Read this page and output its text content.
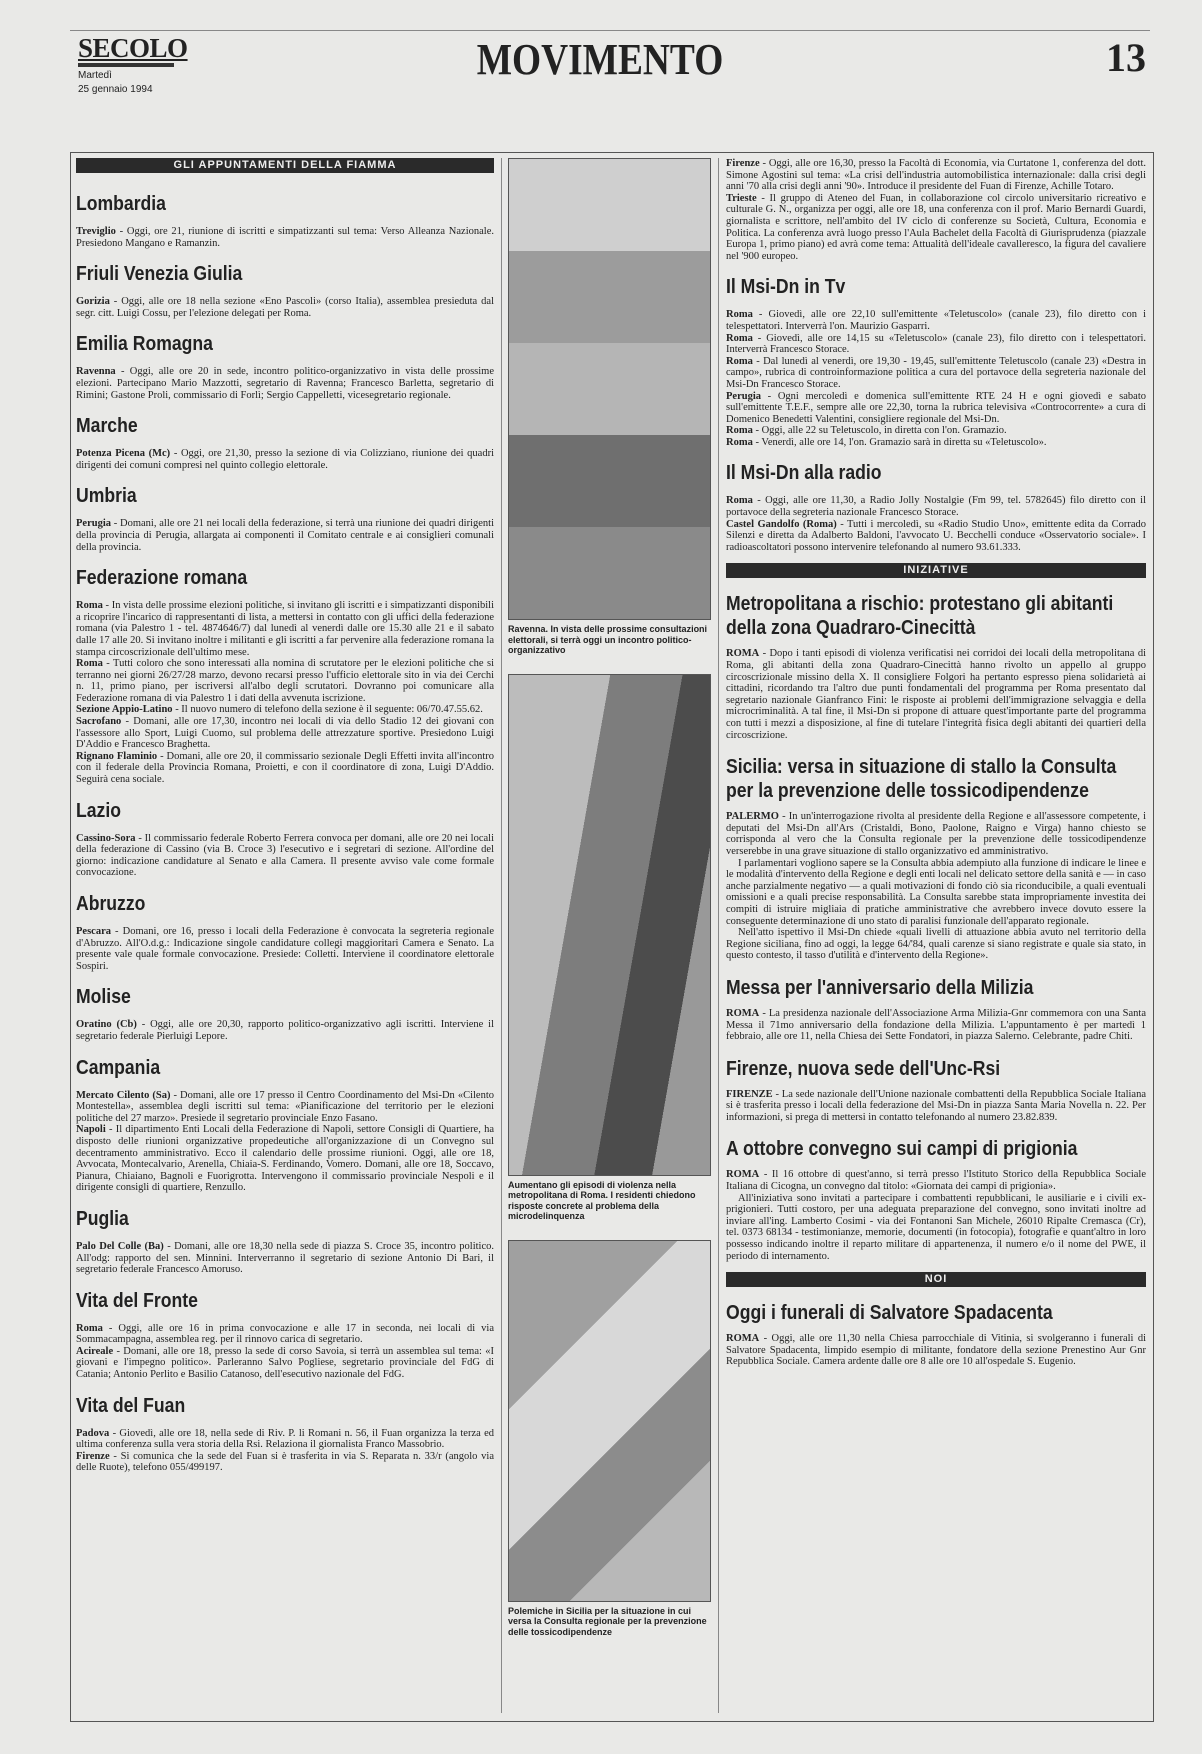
SECOLO
Martedì
25 gennaio 1994
MOVIMENTO	13
GLI APPUNTAMENTI DELLA FIAMMA
Lombardia

Treviglio - Oggi, ore 21, riunione di iscritti e simpatizzanti sul tema: Verso Alleanza Nazionale. Presiedono Mangano e Ramanzin.

Friuli Venezia Giulia

Gorizia - Oggi, alle ore 18 nella sezione «Eno Pascoli» (corso Italia), assemblea presieduta dal segr. citt. Luigi Cossu, per l'elezione delegati per Roma.

Emilia Romagna

Ravenna - Oggi, alle ore 20 in sede, incontro politico-organizzativo in vista delle prossime elezioni. Partecipano Mario Mazzotti, segretario di Ravenna; Francesco Barletta, segretario di Rimini; Gastone Proli, commissario di Forlì; Sergio Cappelletti, vicesegretario regionale.

Marche

Potenza Picena (Mc) - Oggi, ore 21,30, presso la sezione di via Colizziano, riunione dei quadri dirigenti dei comuni compresi nel quinto collegio elettorale.

Umbria

Perugia - Domani, alle ore 21 nei locali della federazione, si terrà una riunione dei quadri dirigenti della provincia di Perugia, allargata ai componenti il Comitato centrale e ai consiglieri comunali della provincia.

Federazione romana

Roma - In vista delle prossime elezioni politiche, si invitano gli iscritti e i simpatizzanti disponibili a ricoprire l'incarico di rappresentanti di lista, a mettersi in contatto con gli uffici della federazione romana (via Palestro 1 - tel. 4874646/7) dal lunedì al venerdì dalle ore 15.30 alle 21 e il sabato dalle 17 alle 20. Si invitano inoltre i militanti e gli iscritti a far pervenire alla federazione romana la stampa circoscrizionale dell'ultimo mese.

Roma - Tutti coloro che sono interessati alla nomina di scrutatore per le elezioni politiche che si terranno nei giorni 26/27/28 marzo, devono recarsi presso l'ufficio elettorale sito in via dei Cerchi n. 11, primo piano, per iscriversi all'albo degli scrutatori. Dovranno poi comunicare alla Federazione romana di via Palestro 1 i dati della avvenuta iscrizione.

Sezione Appio-Latino - Il nuovo numero di telefono della sezione è il seguente: 06/70.47.55.62.

Sacrofano - Domani, alle ore 17,30, incontro nei locali di via dello Stadio 12 dei giovani con l'assessore allo Sport, Luigi Cuomo, sul problema delle attrezzature sportive. Presiedono Luigi D'Addio e Francesco Braghetta.

Rignano Flaminio - Domani, alle ore 20, il commissario sezionale Degli Effetti invita all'incontro con il federale della Provincia Romana, Proietti, e con il coordinatore di zona, Luigi D'Addio. Seguirà cena sociale.

Lazio

Cassino-Sora - Il commissario federale Roberto Ferrera convoca per domani, alle ore 20 nei locali della federazione di Cassino (via B. Croce 3) l'esecutivo e i segretari di sezione. All'ordine del giorno: indicazione candidature al Senato e alla Camera. Il presente avviso vale come formale convocazione.

Abruzzo

Pescara - Domani, ore 16, presso i locali della Federazione è convocata la segreteria regionale d'Abruzzo. All'O.d.g.: Indicazione singole candidature collegi maggioritari Camera e Senato. La presente vale quale formale convocazione. Presiede: Colletti. Interviene il coordinatore elettorale Sospiri.

Molise

Oratino (Cb) - Oggi, alle ore 20,30, rapporto politico-organizzativo agli iscritti. Interviene il segretario federale Pierluigi Lepore.

Campania

Mercato Cilento (Sa) - Domani, alle ore 17 presso il Centro Coordinamento del Msi-Dn «Cilento Montestella», assemblea degli iscritti sul tema: «Pianificazione del territorio per le elezioni politiche del 27 marzo». Presiede il segretario provinciale Enzo Fasano.

Napoli - Il dipartimento Enti Locali della Federazione di Napoli, settore Consigli di Quartiere, ha disposto delle riunioni organizzative propedeutiche all'organizzazione di un Convegno sul decentramento amministrativo. Ecco il calendario delle prossime riunioni. Oggi, alle ore 18, Avvocata, Montecalvario, Arenella, Chiaia-S. Ferdinando, Vomero. Domani, alle ore 18, Soccavo, Pianura, Chiaiano, Bagnoli e Fuorigrotta. Intervengono il commissario provinciale Nespoli e il dirigente consigli di quartiere, Renzullo.

Puglia

Palo Del Colle (Ba) - Domani, alle ore 18,30 nella sede di piazza S. Croce 35, incontro politico. All'odg: rapporto del sen. Minnini. Interverranno il segretario di sezione Antonio Di Bari, il segretario federale Francesco Amoruso.

Vita del Fronte

Roma - Oggi, alle ore 16 in prima convocazione e alle 17 in seconda, nei locali di via Sommacampagna, assemblea reg. per il rinnovo carica di segretario.

Acireale - Domani, alle ore 18, presso la sede di corso Savoia, si terrà un assemblea sul tema: «I giovani e l'impegno politico». Parleranno Salvo Pogliese, segretario provinciale del FdG di Catania; Antonio Perlito e Basilio Catanoso, dell'esecutivo nazionale del FdG.

Vita del Fuan

Padova - Giovedì, alle ore 18, nella sede di Riv. P. li Romani n. 56, il Fuan organizza la terza ed ultima conferenza sulla vera storia della Rsi. Relaziona il giornalista Franco Massobrio.

Firenze - Si comunica che la sede del Fuan si è trasferita in via S. Reparata n. 33/r (angolo via delle Ruote), telefono 055/499197.

Ravenna. In vista delle prossime consultazioni elettorali, si terrà oggi un incontro politico-organizzativo
Aumentano gli episodi di violenza nella metropolitana di Roma. I residenti chiedono risposte concrete al problema della microdelinquenza
Polemiche in Sicilia per la situazione in cui versa la Consulta regionale per la prevenzione delle tossicodipendenze

Firenze - Oggi, alle ore 16,30, presso la Facoltà di Economia, via Curtatone 1, conferenza del dott. Simone Agostini sul tema: «La crisi dell'industria automobilistica internazionale: dalla crisi degli anni '70 alla crisi degli anni '90». Introduce il presidente del Fuan di Firenze, Achille Totaro.

Trieste - Il gruppo di Ateneo del Fuan, in collaborazione col circolo universitario ricreativo e culturale G. N., organizza per oggi, alle ore 18, una conferenza con il prof. Mario Bernardi Guardi, giornalista e scrittore, nell'ambito del IV ciclo di conferenze su Società, Cultura, Economia e Politica. La conferenza avrà luogo presso l'Aula Bachelet della Facoltà di Giurisprudenza (piazzale Europa 1, primo piano) ed avrà come tema: Attualità dell'ideale cavalleresco, la figura del cavaliere nel '900 europeo.

Il Msi-Dn in Tv

Roma - Giovedì, alle ore 22,10 sull'emittente «Teletuscolo» (canale 23), filo diretto con i telespettatori. Interverrà l'on. Maurizio Gasparri.

Roma - Giovedì, alle ore 14,15 su «Teletuscolo» (canale 23), filo diretto con i telespettatori. Interverrà Francesco Storace.

Roma - Dal lunedì al venerdì, ore 19,30 - 19,45, sull'emittente Teletuscolo (canale 23) «Destra in campo», rubrica di controinformazione politica a cura del portavoce della segreteria nazionale del Msi-Dn Francesco Storace.

Perugia - Ogni mercoledì e domenica sull'emittente RTE 24 H e ogni giovedì e sabato sull'emittente T.E.F., sempre alle ore 22,30, torna la rubrica televisiva «Controcorrente» a cura di Domenico Benedetti Valentini, consigliere regionale del Msi-Dn.

Roma - Oggi, alle 22 su Teletuscolo, in diretta con l'on. Gramazio.

Roma - Venerdì, alle ore 14, l'on. Gramazio sarà in diretta su «Teletuscolo».

Il Msi-Dn alla radio

Roma - Oggi, alle ore 11,30, a Radio Jolly Nostalgie (Fm 99, tel. 5782645) filo diretto con il portavoce della segreteria nazionale Francesco Storace.

Castel Gandolfo (Roma) - Tutti i mercoledì, su «Radio Studio Uno», emittente edita da Corrado Silenzi e diretta da Adalberto Baldoni, l'avvocato U. Becchelli conduce «Osservatorio sociale». I radioascoltatori possono intervenire telefonando al numero 93.61.333.

INIZIATIVE
Metropolitana a rischio: protestano gli abitanti della zona Quadraro-Cinecittà

ROMA - Dopo i tanti episodi di violenza verificatisi nei corridoi dei locali della metropolitana di Roma, gli abitanti della zona Quadraro-Cinecittà hanno rivolto un appello al gruppo circoscrizionale missino della X. Il consigliere Folgori ha pertanto espresso piena solidarietà ai cittadini, ricordando tra l'altro due punti fondamentali del programma per Roma presentato dal segretario nazionale Gianfranco Fini: le risposte ai problemi dell'immigrazione selvaggia e della microcriminalità. A tal fine, il Msi-Dn si propone di attuare quest'importante parte del programma con tutti i mezzi a disposizione, al fine di tutelare l'integrità fisica degli abitanti dei quartieri della circoscrizione.

Sicilia: versa in situazione di stallo la Consulta per la prevenzione delle tossicodipendenze

PALERMO - In un'interrogazione rivolta al presidente della Regione e all'assessore competente, i deputati del Msi-Dn all'Ars (Cristaldi, Bono, Paolone, Raigno e Virga) hanno chiesto se corrisponda al vero che la Consulta regionale per la prevenzione delle tossicodipendenze verserebbe in una grave situazione di stallo organizzativo ed amministrativo.

I parlamentari vogliono sapere se la Consulta abbia adempiuto alla funzione di indicare le linee e le modalità d'intervento della Regione e degli enti locali nel delicato settore della sanità e — in caso anche parzialmente negativo — a quali motivazioni di fondo ciò sia riconducibile, a quali eventuali omissioni e a quali precise responsabilità. La Consulta sarebbe stata impropriamente investita dei compiti di istruire migliaia di pratiche amministrative che avrebbero invece dovuto essere la conseguente determinazione di uno stato di paralisi funzionale dell'apparato regionale.

Nell'atto ispettivo il Msi-Dn chiede «quali livelli di attuazione abbia avuto nel territorio della Regione siciliana, fino ad oggi, la legge 64/'84, quali carenze si siano registrate e quale sia stato, in questo contesto, il tasso d'utilità e d'intervento della Regione».

Messa per l'anniversario della Milizia

ROMA - La presidenza nazionale dell'Associazione Arma Milizia-Gnr commemora con una Santa Messa il 71mo anniversario della fondazione della Milizia. L'appuntamento è per martedì 1 febbraio, alle ore 11, nella Chiesa dei Sette Fondatori, in piazza Salerno. Celebrante, padre Chiti.

Firenze, nuova sede dell'Unc-Rsi

FIRENZE - La sede nazionale dell'Unione nazionale combattenti della Repubblica Sociale Italiana si è trasferita presso i locali della federazione del Msi-Dn in piazza Santa Maria Novella n. 22. Per informazioni, si prega di mettersi in contatto telefonando al numero 23.82.839.

A ottobre convegno sui campi di prigionia

ROMA - Il 16 ottobre di quest'anno, si terrà presso l'Istituto Storico della Repubblica Sociale Italiana di Cicogna, un convegno dal titolo: «Giornata dei campi di prigionia».

All'iniziativa sono invitati a partecipare i combattenti repubblicani, le ausiliarie e i civili ex-prigionieri. Tutti costoro, per una adeguata preparazione del convegno, sono invitati inoltre ad inviare all'ing. Lamberto Cosimi - via dei Fontanoni San Michele, 26010 Ripalte Cremasca (Cr), tel. 0373 68134 - testimonianze, memorie, documenti (in fotocopia), fotografie e quant'altro in loro possesso indicando inoltre il reparto militare di appartenenza, il numero e/o il nome del PWE, il periodo di internamento.

NOI
Oggi i funerali di Salvatore Spadacenta

ROMA - Oggi, alle ore 11,30 nella Chiesa parrocchiale di Vitinia, si svolgeranno i funerali di Salvatore Spadacenta, limpido esempio di militante, fondatore della sezione Prenestino Aur Gnr Repubblica Sociale. Camera ardente dalle ore 8 alle ore 10 all'ospedale S. Eugenio.
